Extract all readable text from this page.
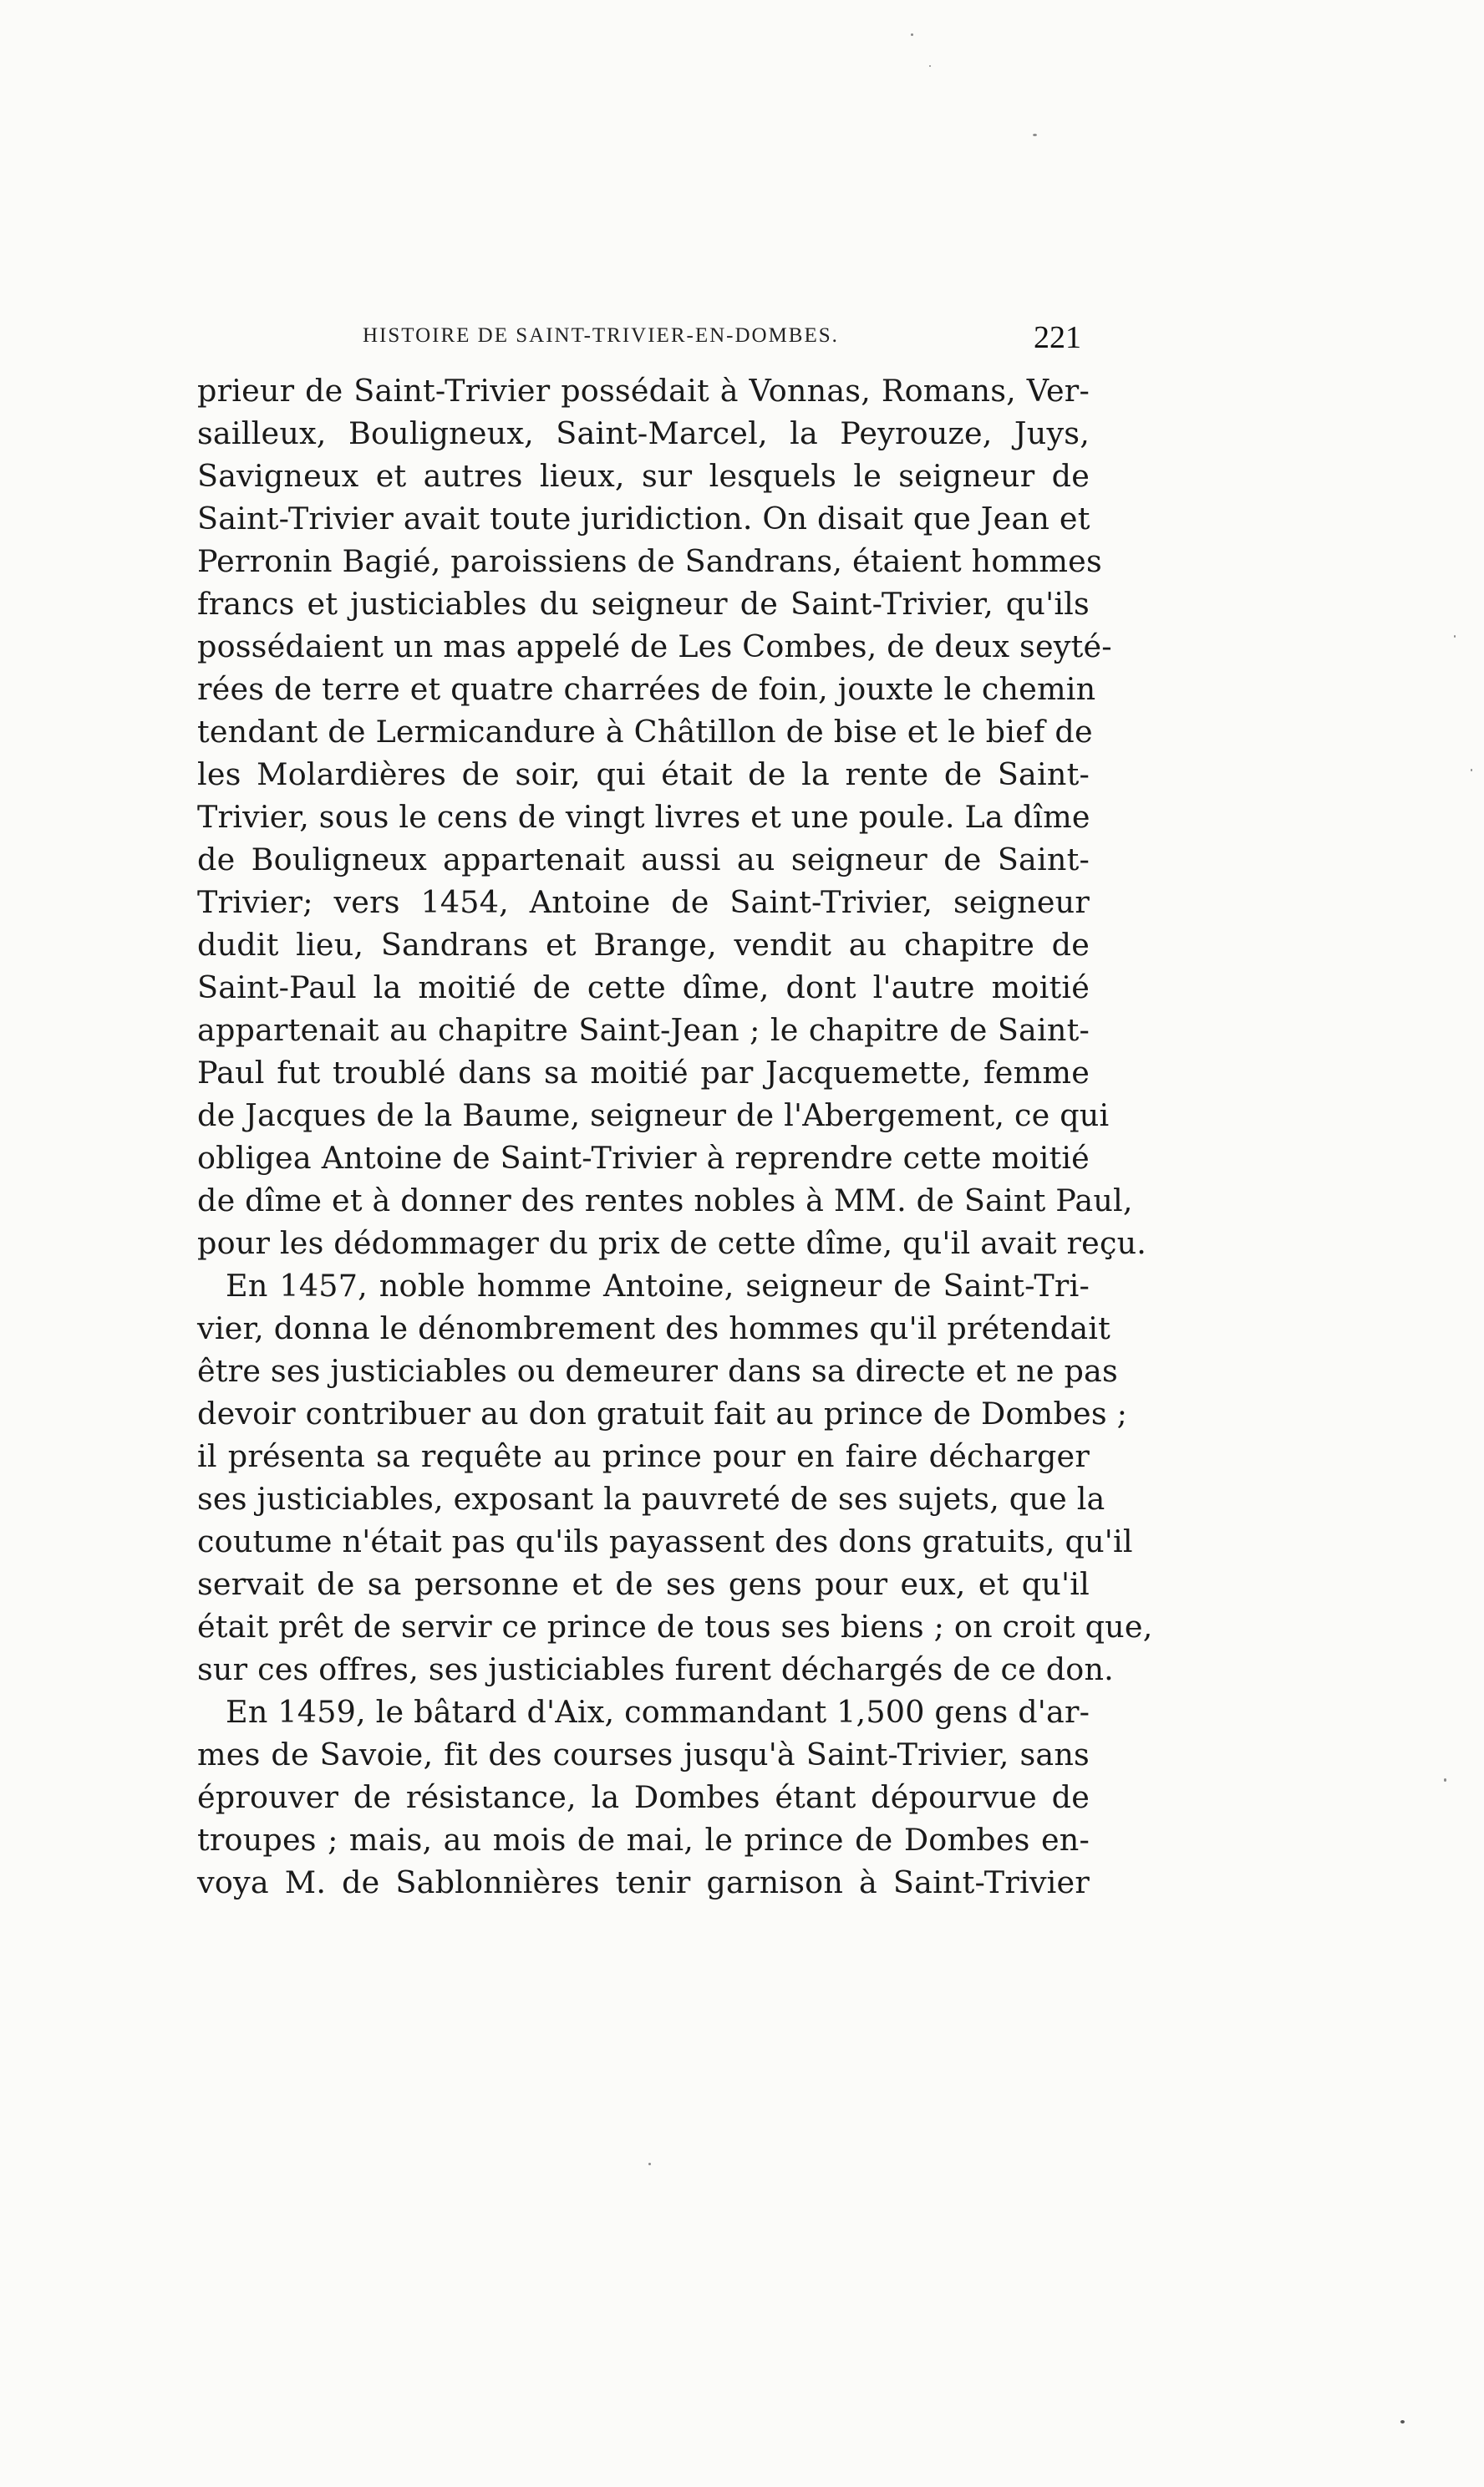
HISTOIRE DE SAINT-TRIVIER-EN-DOMBES.	221
prieur de Saint-Trivier possédait à Vonnas, Romans, Ver-
sailleux, Bouligneux, Saint-Marcel, la Peyrouze, Juys,
Savigneux et autres lieux, sur lesquels le seigneur de
Saint-Trivier avait toute juridiction. On disait que Jean et
Perronin Bagié, paroissiens de Sandrans, étaient hommes
francs et justiciables du seigneur de Saint-Trivier, qu'ils
possédaient un mas appelé de Les Combes, de deux seyté-
rées de terre et quatre charrées de foin, jouxte le chemin
tendant de Lermicandure à Châtillon de bise et le bief de
les Molardières de soir, qui était de la rente de Saint-
Trivier, sous le cens de vingt livres et une poule. La dîme
de Bouligneux appartenait aussi au seigneur de Saint-
Trivier; vers 1454, Antoine de Saint-Trivier, seigneur
dudit lieu, Sandrans et Brange, vendit au chapitre de
Saint-Paul la moitié de cette dîme, dont l'autre moitié
appartenait au chapitre Saint-Jean ; le chapitre de Saint-
Paul fut troublé dans sa moitié par Jacquemette, femme
de Jacques de la Baume, seigneur de l'Abergement, ce qui
obligea Antoine de Saint-Trivier à reprendre cette moitié
de dîme et à donner des rentes nobles à MM. de Saint Paul,
pour les dédommager du prix de cette dîme, qu'il avait reçu.
En 1457, noble homme Antoine, seigneur de Saint-Tri-
vier, donna le dénombrement des hommes qu'il prétendait
être ses justiciables ou demeurer dans sa directe et ne pas
devoir contribuer au don gratuit fait au prince de Dombes ;
il présenta sa requête au prince pour en faire décharger
ses justiciables, exposant la pauvreté de ses sujets, que la
coutume n'était pas qu'ils payassent des dons gratuits, qu'il
servait de sa personne et de ses gens pour eux, et qu'il
était prêt de servir ce prince de tous ses biens ; on croit que,
sur ces offres, ses justiciables furent déchargés de ce don.
En 1459, le bâtard d'Aix, commandant 1,500 gens d'ar-
mes de Savoie, fit des courses jusqu'à Saint-Trivier, sans
éprouver de résistance, la Dombes étant dépourvue de
troupes ; mais, au mois de mai, le prince de Dombes en-
voya M. de Sablonnières tenir garnison à Saint-Trivier
